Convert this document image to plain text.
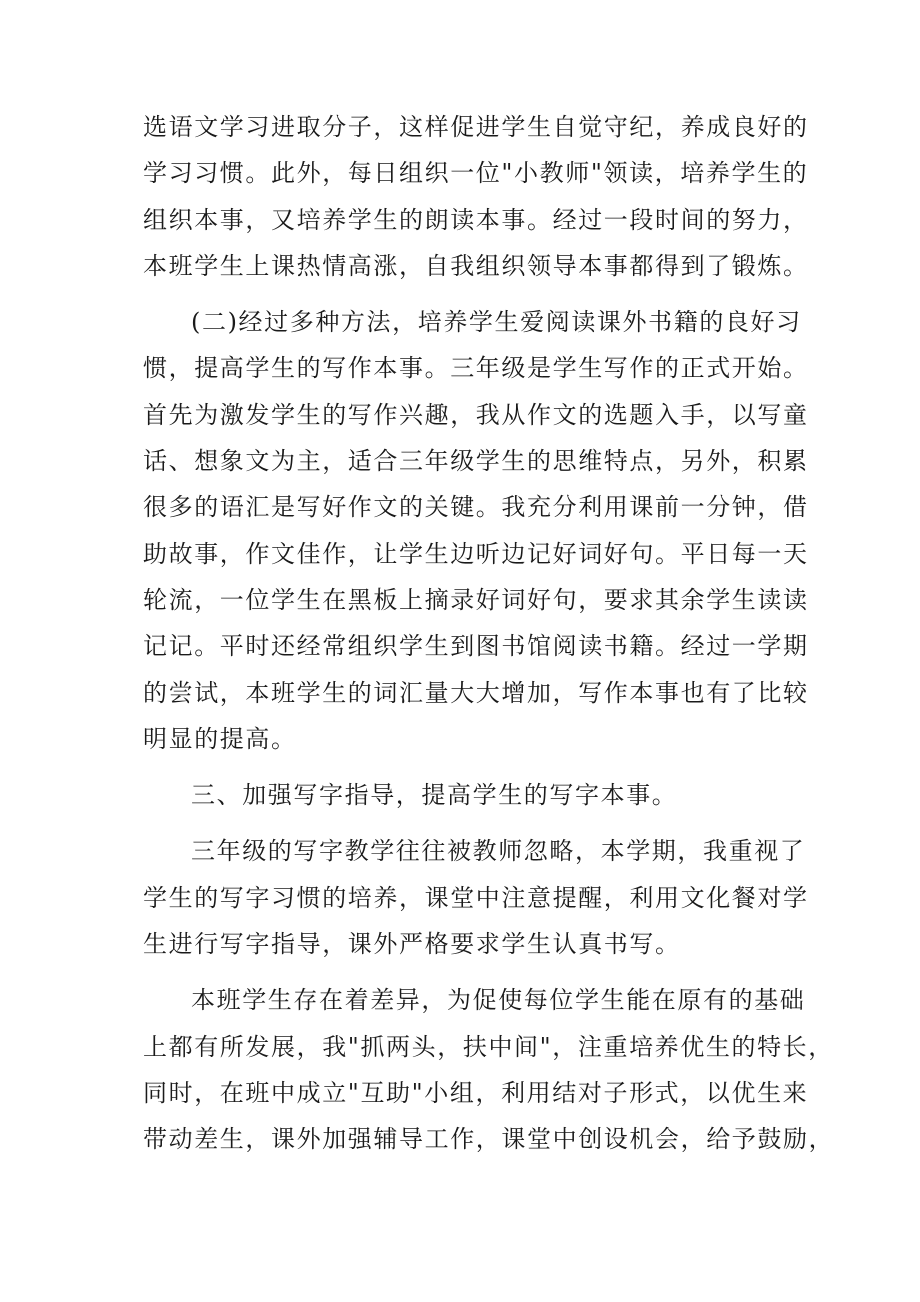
选语文学习进取分子，这样促进学生自觉守纪，养成良好的
学习习惯。此外，每日组织一位"小教师"领读，培养学生的
组织本事，又培养学生的朗读本事。经过一段时间的努力，
本班学生上课热情高涨，自我组织领导本事都得到了锻炼。
(二)经过多种方法，培养学生爱阅读课外书籍的良好习
惯，提高学生的写作本事。三年级是学生写作的正式开始。
首先为激发学生的写作兴趣，我从作文的选题入手，以写童
话、想象文为主，适合三年级学生的思维特点，另外，积累
很多的语汇是写好作文的关键。我充分利用课前一分钟，借
助故事，作文佳作，让学生边听边记好词好句。平日每一天
轮流，一位学生在黑板上摘录好词好句，要求其余学生读读
记记。平时还经常组织学生到图书馆阅读书籍。经过一学期
的尝试，本班学生的词汇量大大增加，写作本事也有了比较
明显的提高。
三、加强写字指导，提高学生的写字本事。
三年级的写字教学往往被教师忽略，本学期，我重视了
学生的写字习惯的培养，课堂中注意提醒，利用文化餐对学
生进行写字指导，课外严格要求学生认真书写。
本班学生存在着差异，为促使每位学生能在原有的基础
上都有所发展，我"抓两头，扶中间"，注重培养优生的特长，
同时，在班中成立"互助"小组，利用结对子形式，以优生来
带动差生，课外加强辅导工作，课堂中创设机会，给予鼓励，
